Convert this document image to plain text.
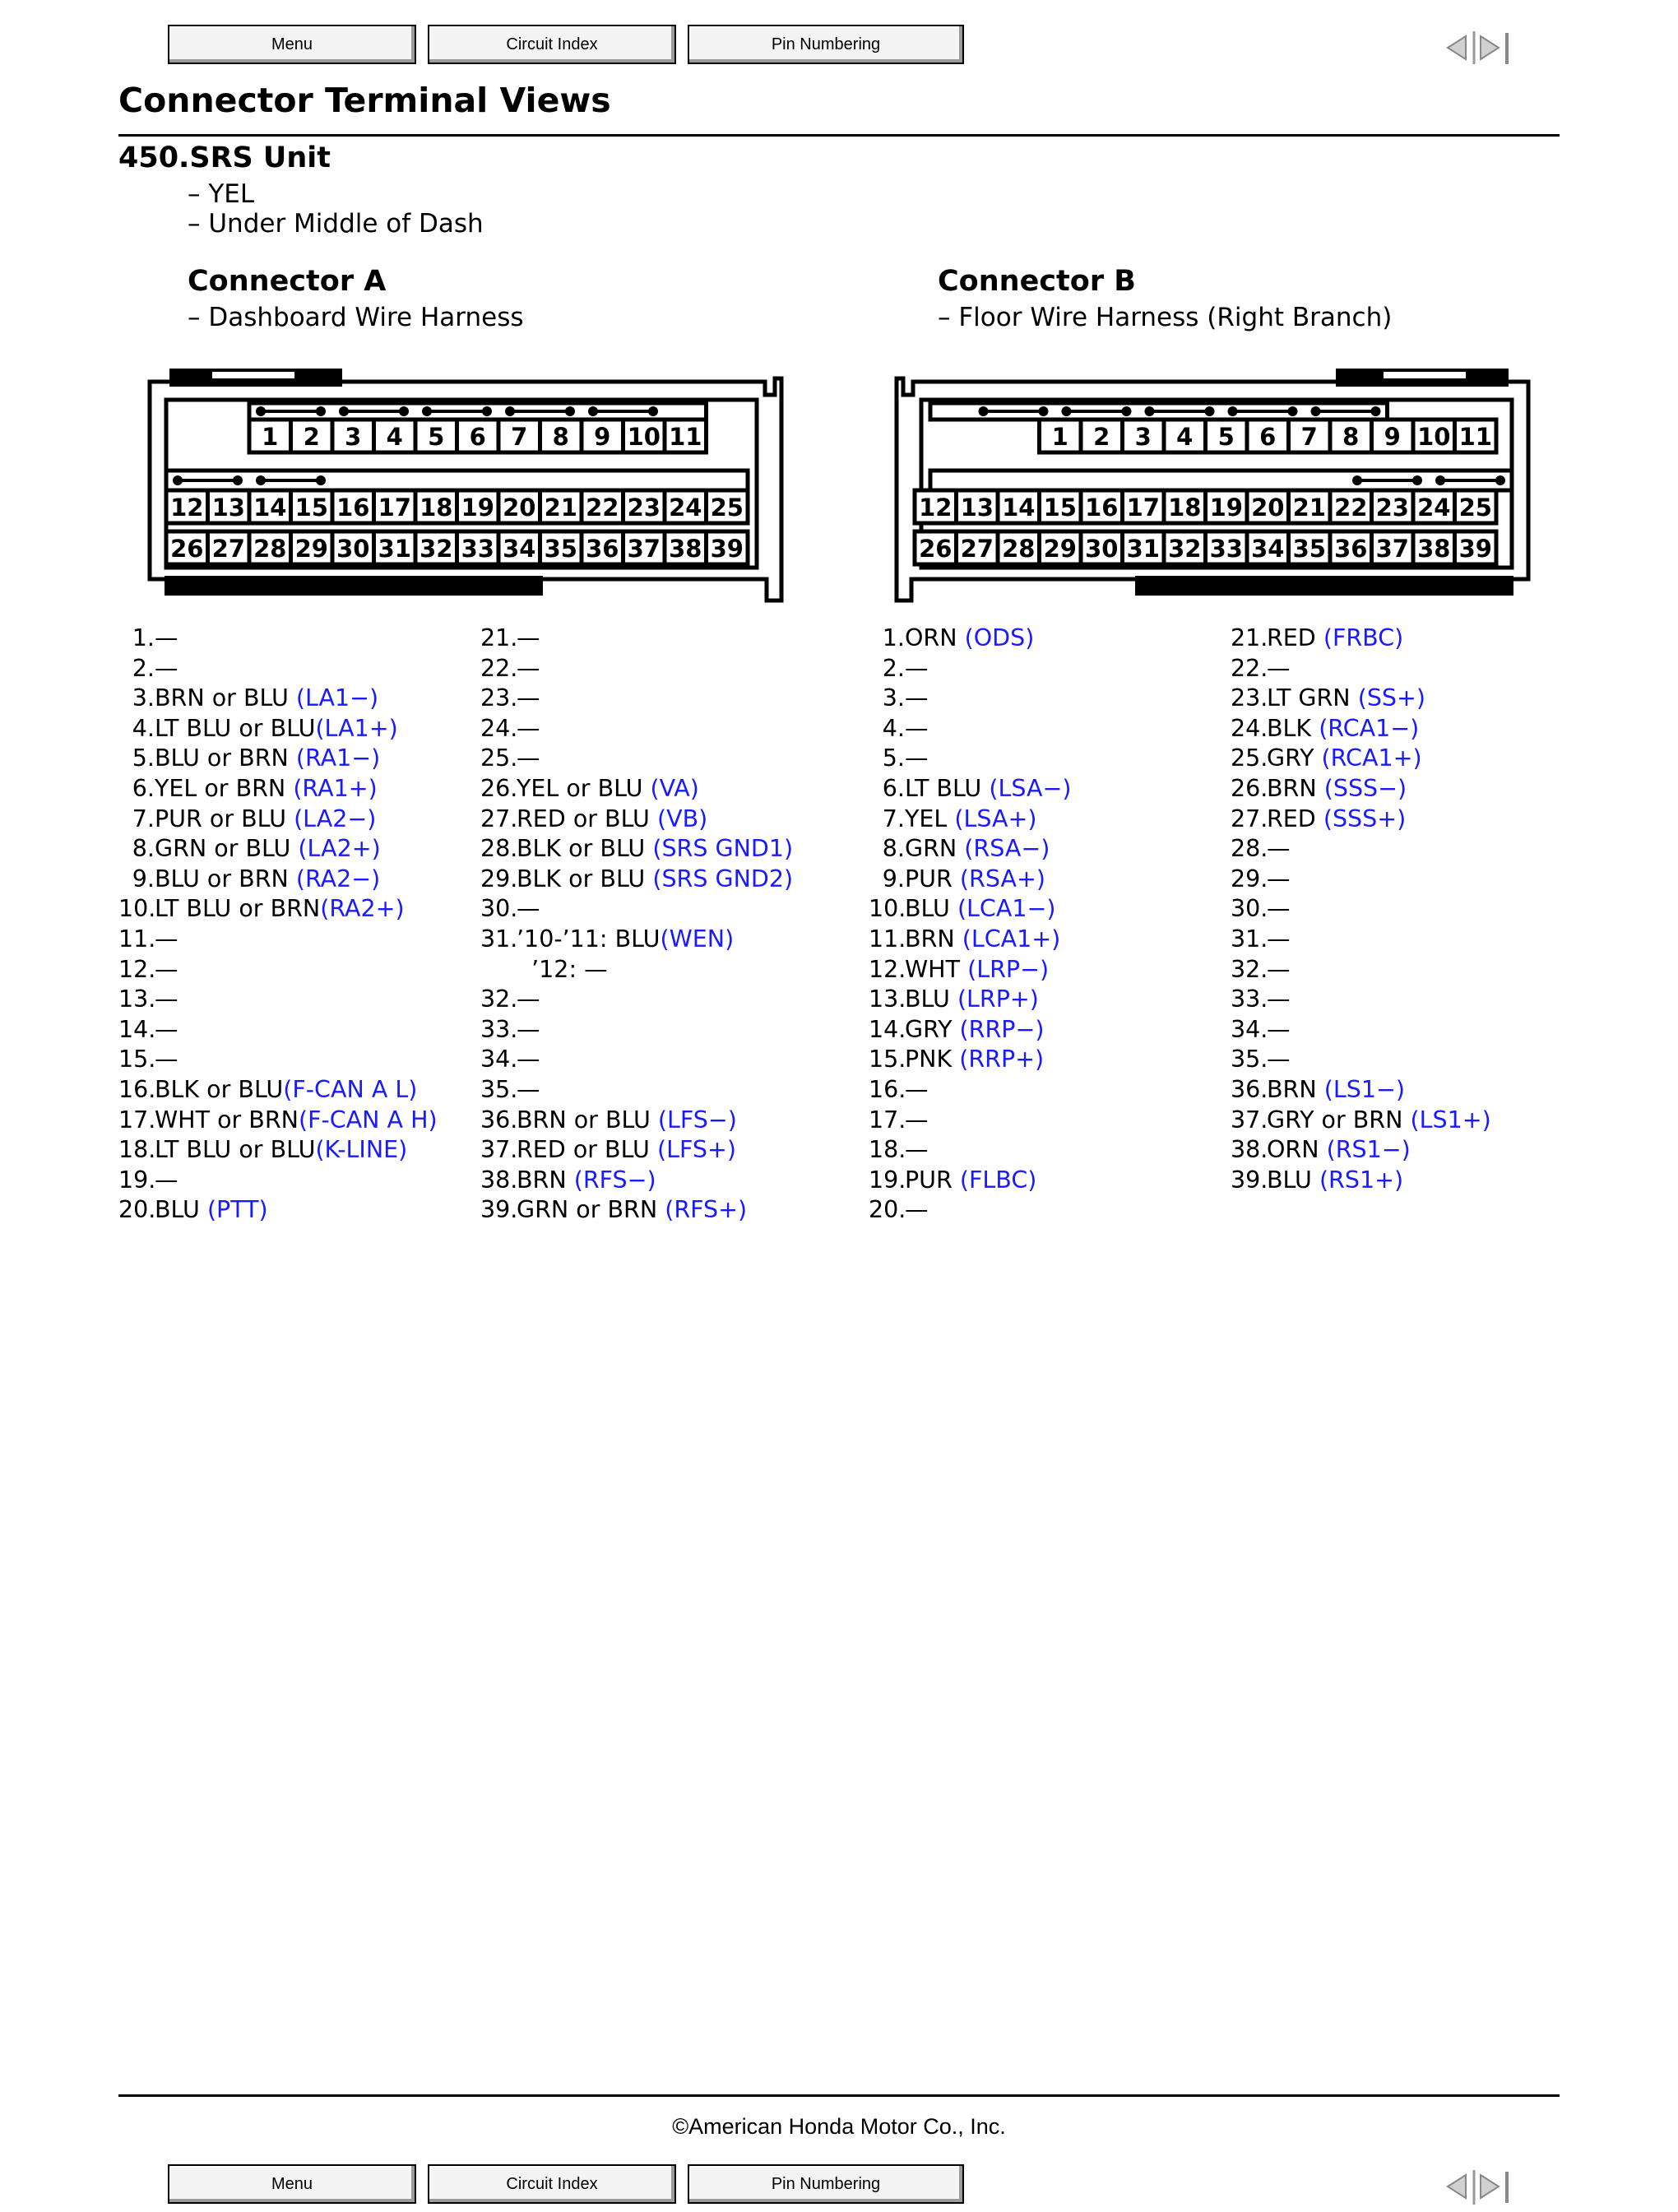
Menu	Circuit Index	Pin Numbering
Connector Terminal Views
450.SRS Unit
– YEL
– Under Middle of Dash
Connector A
– Dashboard Wire Harness
Connector B
– Floor Wire Harness (Right Branch)
1 2 3 4 5 6 7 8 9 10 11
12 13 14 15 16 17 18 19 20 21 22 23 24 25
26 27 28 29 30 31 32 33 34 35 36 37 38 39
1 2 3 4 5 6 7 8 9 10 11
12 13 14 15 16 17 18 19 20 21 22 23 24 25
26 27 28 29 30 31 32 33 34 35 36 37 38 39
1.—
2.—
3.BRN or BLU (LA1−)
4.LT BLU or BLU(LA1+)
5.BLU or BRN (RA1−)
6.YEL or BRN (RA1+)
7.PUR or BLU (LA2−)
8.GRN or BLU (LA2+)
9.BLU or BRN (RA2−)
10.LT BLU or BRN(RA2+)
11.—
12.—
13.—
14.—
15.—
16.BLK or BLU(F-CAN A L)
17.WHT or BRN(F-CAN A H)
18.LT BLU or BLU(K-LINE)
19.—
20.BLU (PTT)
21.—
22.—
23.—
24.—
25.—
26.YEL or BLU (VA)
27.RED or BLU (VB)
28.BLK or BLU (SRS GND1)
29.BLK or BLU (SRS GND2)
30.—
31.’10-’11: BLU(WEN)
’12: —
32.—
33.—
34.—
35.—
36.BRN or BLU (LFS−)
37.RED or BLU (LFS+)
38.BRN (RFS−)
39.GRN or BRN (RFS+)
1.ORN (ODS)
2.—
3.—
4.—
5.—
6.LT BLU (LSA−)
7.YEL (LSA+)
8.GRN (RSA−)
9.PUR (RSA+)
10.BLU (LCA1−)
11.BRN (LCA1+)
12.WHT (LRP−)
13.BLU (LRP+)
14.GRY (RRP−)
15.PNK (RRP+)
16.—
17.—
18.—
19.PUR (FLBC)
20.—
21.RED (FRBC)
22.—
23.LT GRN (SS+)
24.BLK (RCA1−)
25.GRY (RCA1+)
26.BRN (SSS−)
27.RED (SSS+)
28.—
29.—
30.—
31.—
32.—
33.—
34.—
35.—
36.BRN (LS1−)
37.GRY or BRN (LS1+)
38.ORN (RS1−)
39.BLU (RS1+)
©American Honda Motor Co., Inc.
Menu	Circuit Index	Pin Numbering
